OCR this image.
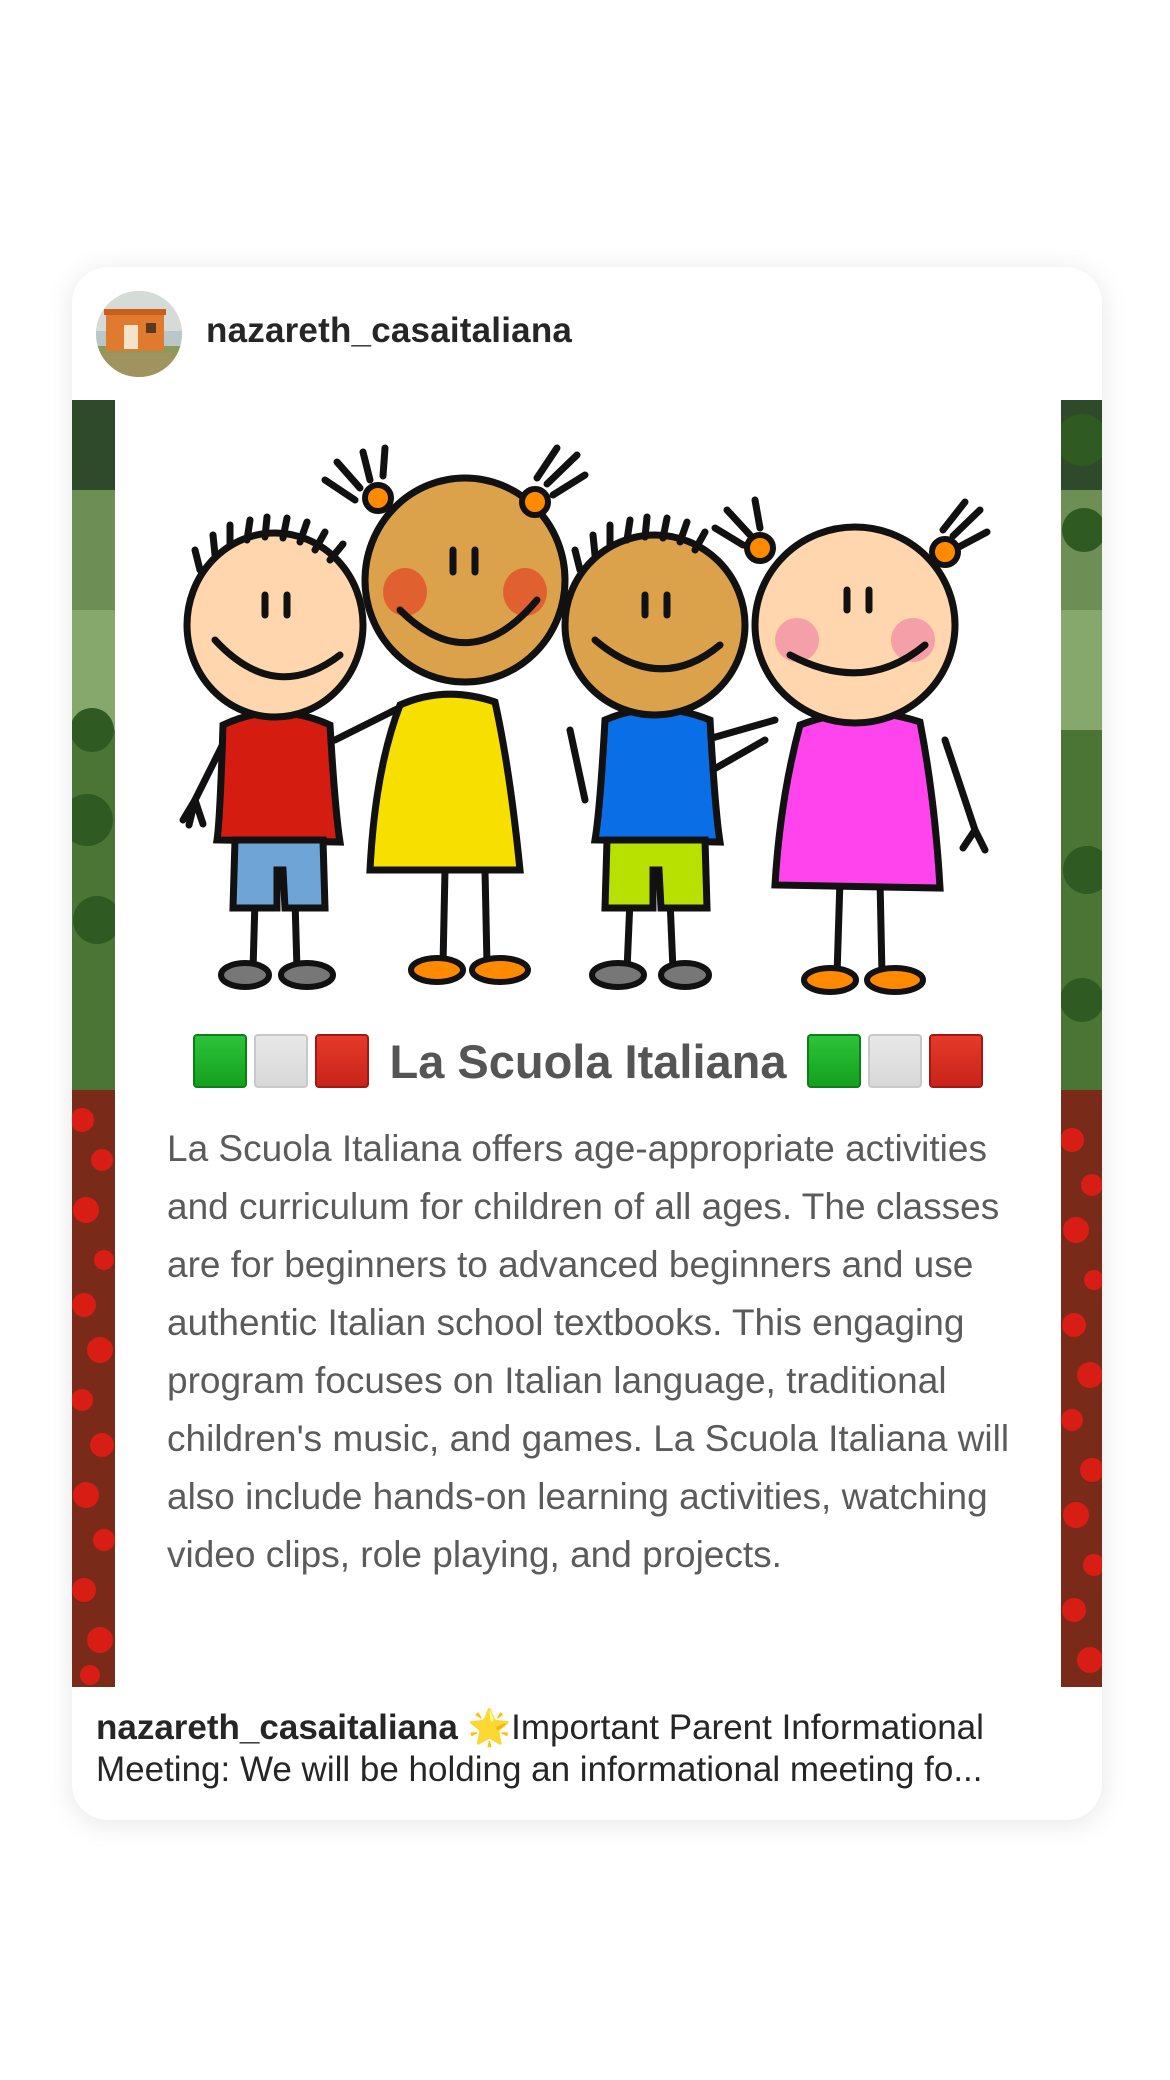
nazareth_casaitaliana
La Scuola Italiana
La Scuola Italiana offers age-appropriate activities and curriculum for children of all ages. The classes are for beginners to advanced beginners and use authentic Italian school textbooks. This engaging program focuses on Italian language, traditional children's music, and games. La Scuola Italiana will also include hands-on learning activities, watching video clips, role playing, and projects.
nazareth_casaitaliana 🌟Important Parent Informational
Meeting: We will be holding an informational meeting fo...
